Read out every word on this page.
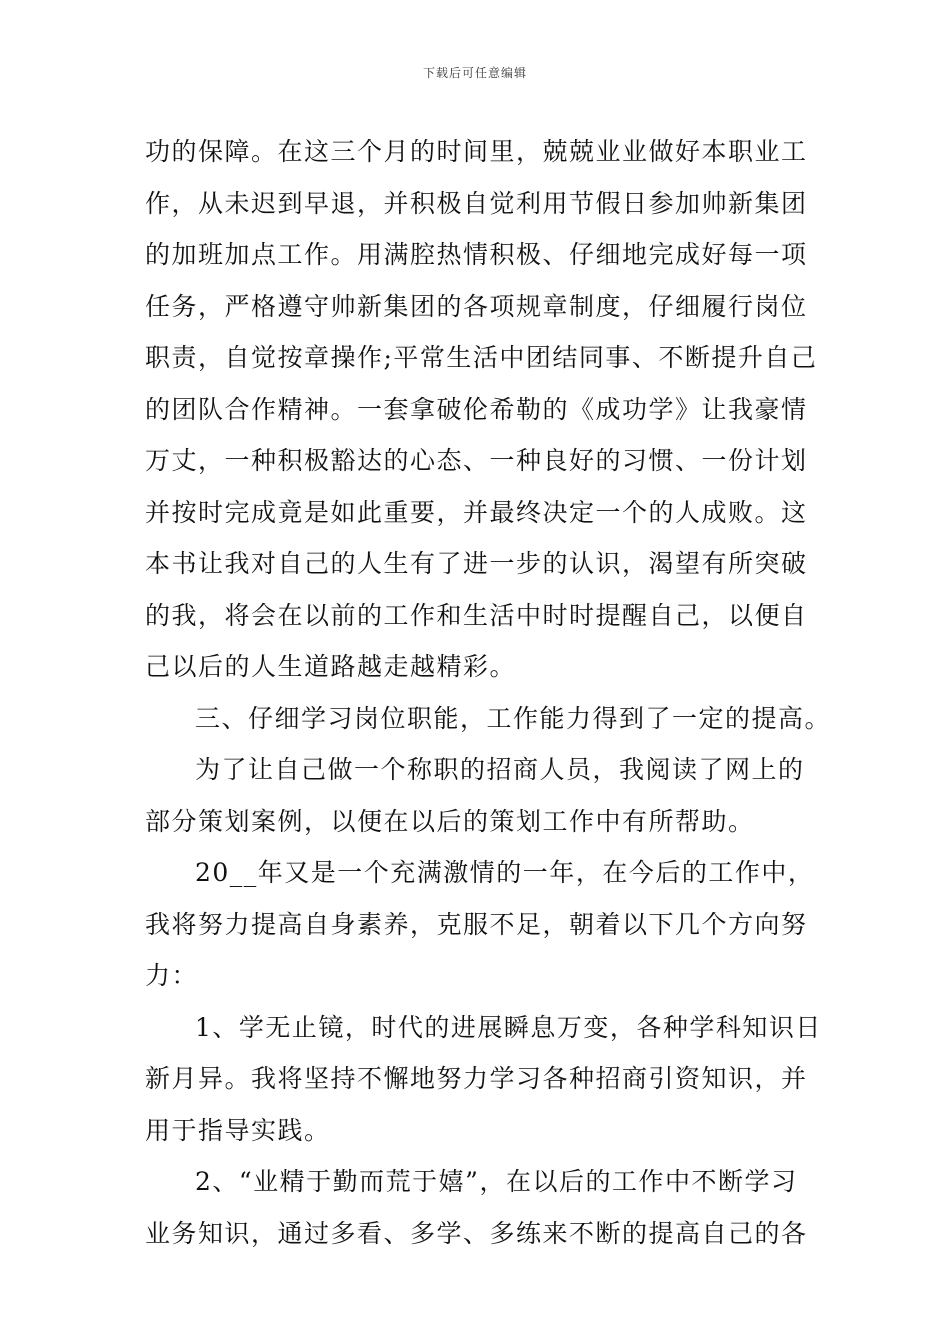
下载后可任意编辑
功的保障。在这三个月的时间里，兢兢业业做好本职业工
作，从未迟到早退，并积极自觉利用节假日参加帅新集团
的加班加点工作。用满腔热情积极、仔细地完成好每一项
任务，严格遵守帅新集团的各项规章制度，仔细履行岗位
职责，自觉按章操作;平常生活中团结同事、不断提升自己
的团队合作精神。一套拿破伦希勒的《成功学》让我豪情
万丈，一种积极豁达的心态、一种良好的习惯、一份计划
并按时完成竟是如此重要，并最终决定一个的人成败。这
本书让我对自己的人生有了进一步的认识，渴望有所突破
的我，将会在以前的工作和生活中时时提醒自己，以便自
己以后的人生道路越走越精彩。
三、仔细学习岗位职能，工作能力得到了一定的提高。
为了让自己做一个称职的招商人员，我阅读了网上的
部分策划案例，以便在以后的策划工作中有所帮助。
20__年又是一个充满激情的一年，在今后的工作中，
我将努力提高自身素养，克服不足，朝着以下几个方向努
力：
1、学无止镜，时代的进展瞬息万变，各种学科知识日
新月异。我将坚持不懈地努力学习各种招商引资知识，并
用于指导实践。
2、“业精于勤而荒于嬉”，在以后的工作中不断学习
业务知识，通过多看、多学、多练来不断的提高自己的各
